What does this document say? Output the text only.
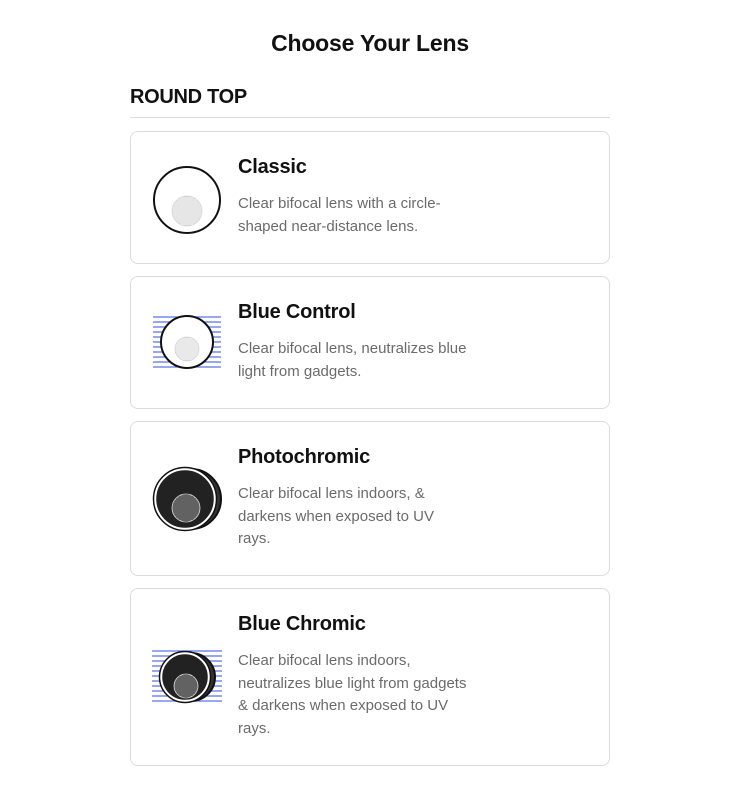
Choose Your Lens
ROUND TOP
Classic
Clear bifocal lens with a circle-shaped near-distance lens.
Blue Control
Clear bifocal lens, neutralizes blue light from gadgets.
Photochromic
Clear bifocal lens indoors, & darkens when exposed to UV rays.
Blue Chromic
Clear bifocal lens indoors, neutralizes blue light from gadgets & darkens when exposed to UV rays.
